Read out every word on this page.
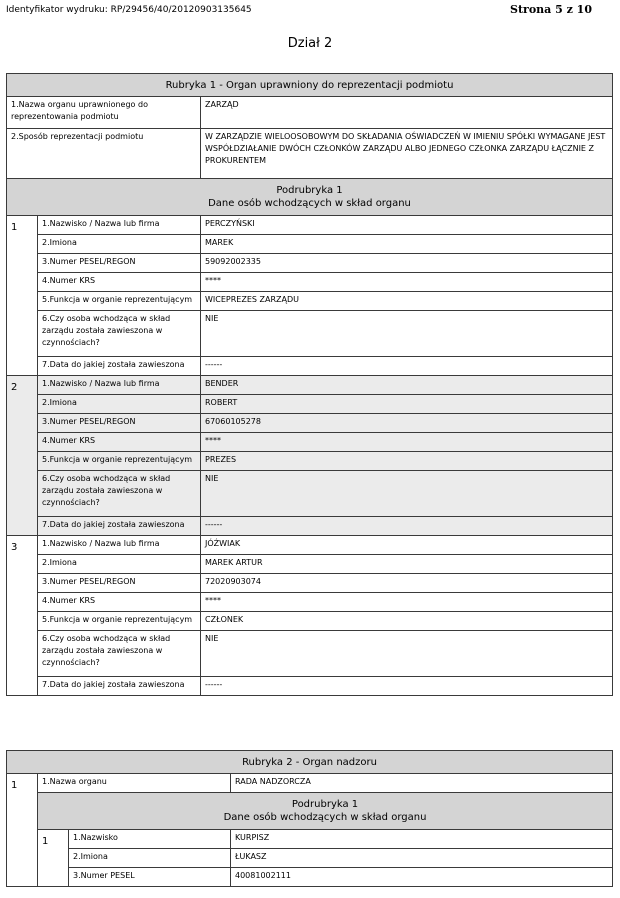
Identyfikator wydruku: RP/29456/40/20120903135645	Strona 5 z 10
Dział 2
Rubryka 1 - Organ uprawniony do reprezentacji podmiotu		
1.Nazwa organu uprawnionego do reprezentowania podmiotu		ZARZĄD
2.Sposób reprezentacji podmiotu		W ZARZĄDZIE WIELOOSOBOWYM DO SKŁADANIA OŚWIADCZEŃ W IMIENIU SPÓŁKI WYMAGANE JEST WSPÓŁDZIAŁANIE DWÓCH CZŁONKÓW ZARZĄDU ALBO JEDNEGO CZŁONKA ZARZĄDU ŁĄCZNIE Z PROKURENTEM

Podrubryka 1
Dane osób wchodzących w skład organu		

1	1.Nazwisko / Nazwa lub firma	PERCZYŃSKI
	2.Imiona	MAREK
	3.Numer PESEL/REGON	59092002335
	4.Numer KRS	****
	5.Funkcja w organie reprezentującym	WICEPREZES ZARZĄDU
	6.Czy osoba wchodząca w skład zarządu została zawieszona w czynnościach?	NIE
	7.Data do jakiej została zawieszona	------
2	1.Nazwisko / Nazwa lub firma	BENDER
	2.Imiona	ROBERT
	3.Numer PESEL/REGON	67060105278
	4.Numer KRS	****
	5.Funkcja w organie reprezentującym	PREZES
	6.Czy osoba wchodząca w skład zarządu została zawieszona w czynnościach?	NIE
	7.Data do jakiej została zawieszona	------
3	1.Nazwisko / Nazwa lub firma	JÓŹWIAK
	2.Imiona	MAREK ARTUR
	3.Numer PESEL/REGON	72020903074
	4.Numer KRS	****
	5.Funkcja w organie reprezentującym	CZŁONEK
	6.Czy osoba wchodząca w skład zarządu została zawieszona w czynnościach?	NIE
	7.Data do jakiej została zawieszona	------
Rubryka 2 - Organ nadzoru			
1	1.Nazwa organu		RADA NADZORCZA

	Podrubryka 1
Dane osób wchodzących w skład organu		

	1	1.Nazwisko	KURPISZ
		2.Imiona	ŁUKASZ
		3.Numer PESEL	40081002111
